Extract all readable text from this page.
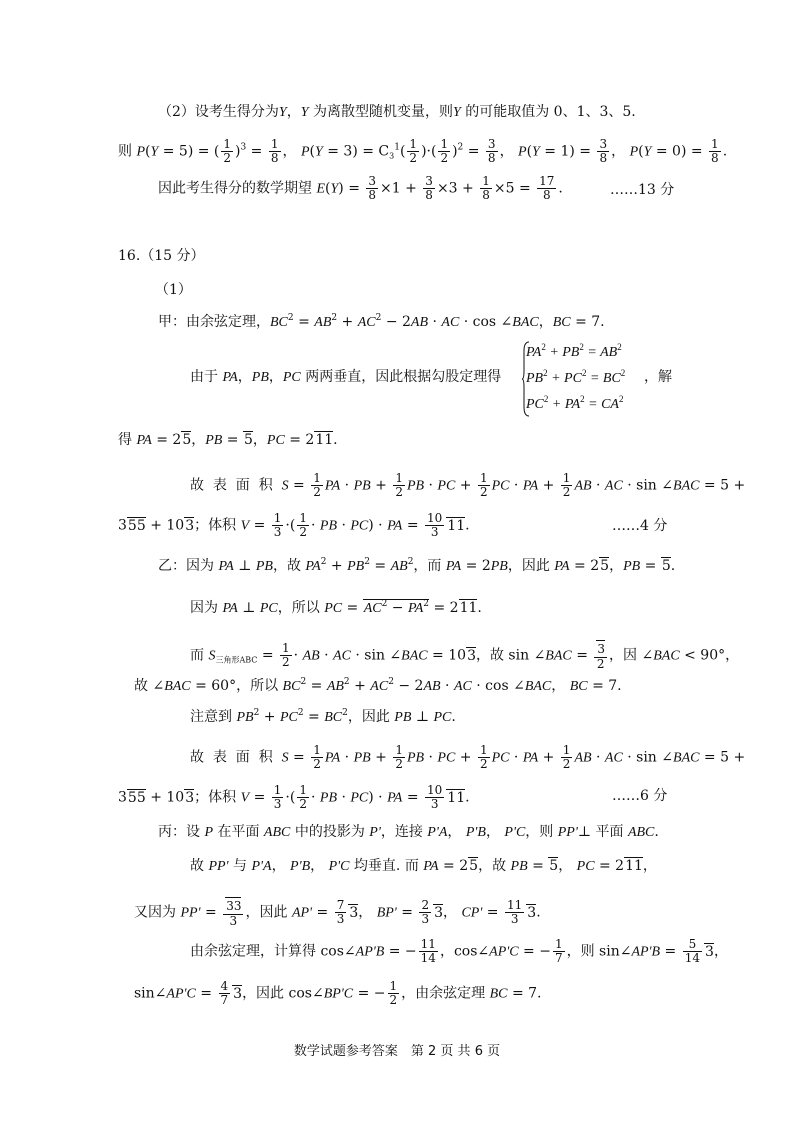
（2）设考生得分为Y，Y 为离散型随机变量，则Y 的可能取值为 0、1、3、5.
则 P(Y = 5) = ( $\frac{1}{2} )^3 = \frac{1}{8}$ ， $P(Y = 3) = C_3^1( \frac{1}{2}$ )·( $\frac{1}{2} )^2 = \frac{3}{8}$ ， $P(Y = 1) = \frac{3}{8}$ ， $P(Y = 0) = \frac{1}{8}$ .
因此考生得分的数学期望 $E(Y) = \frac{3}{8} \times 1 + \frac{3}{8} \times 3 + \frac{1}{8} \times 5 = \frac{17}{8}$ .	……13 分
16.（15 分）
（1）
甲：由余弦定理，$BC^2 = AB^2 + AC^2 - 2AB$ · AC · cos ∠BAC，BC = 7.
由于 PA，PB，PC 两两垂直，因此根据勾股定理得
$PA^2 + PB^2 = AB^2$
$PB^2 + PC^2 = BC^2$
$PC^2 + PA^2 = CA^2$
，解
得 PA = 25，PB = 5，PC = 211.
故  表  面  积  $S = \frac{1}{2}$ PA · PB + $\frac{1}{2}$ PB · PC + $\frac{1}{2}$ PC · PA + $\frac{1}{2}$ AB · AC · sin ∠BAC = 5 +
355 + 103；体积 $V = \frac{1}{3}$ ·( $\frac{1}{2}$ · PB · PC) · PA = $\frac{10}{3} 11$.	……4 分
乙：因为 PA ⊥ PB，故 $PA^2 + PB^2 = AB^2$，而 PA = 2PB，因此 PA = 25，PB = 5.
因为 PA ⊥ PC，所以 PC = $AC^2 - PA^2 = 211$.
而 $S_{三角形ABC} = \frac{1}{2}$ · AB · AC · sin ∠BAC = 103，故 sin ∠BAC = $\frac{3}{2}$ ，因 ∠BAC < 90°，
故 ∠BAC = 60°，所以 $BC^2 = AB^2 + AC^2 - 2AB$ · AC · cos ∠BAC， BC = 7.
注意到 $PB^2 + PC^2 = BC^2$，因此 PB ⊥ PC.
故  表  面  积  $S = \frac{1}{2}$ PA · PB + $\frac{1}{2}$ PB · PC + $\frac{1}{2}$ PC · PA + $\frac{1}{2}$ AB · AC · sin ∠BAC = 5 +
355 + 103；体积 $V = \frac{1}{3}$ ·( $\frac{1}{2}$ · PB · PC) · PA = $\frac{10}{3} 11$.	……6 分
丙：设 P 在平面 ABC 中的投影为 P'，连接 P'A， P'B， P'C，则 PP'⊥ 平面 ABC.
故 PP' 与 P'A， P'B， P'C 均垂直. 而 PA = 25，故 PB = 5， PC = 211，
又因为 $PP' = \frac{33}{3}$ ，因此 $AP' = \frac{7}{3} 3$， $BP' = \frac{2}{3} 3$， $CP' = \frac{11}{3} 3$.
由余弦定理，计算得 cos∠AP'B = − $\frac{11}{14}$ ，cos∠AP'C = − $\frac{1}{7}$ ，则 sin∠AP'B = $\frac{5}{14} 3$，
sin∠AP'C = $\frac{4}{7} 3$，因此 cos∠BP'C = − $\frac{1}{2}$ ，由余弦定理 BC = 7.
数学试题参考答案　第 2 页 共 6 页
